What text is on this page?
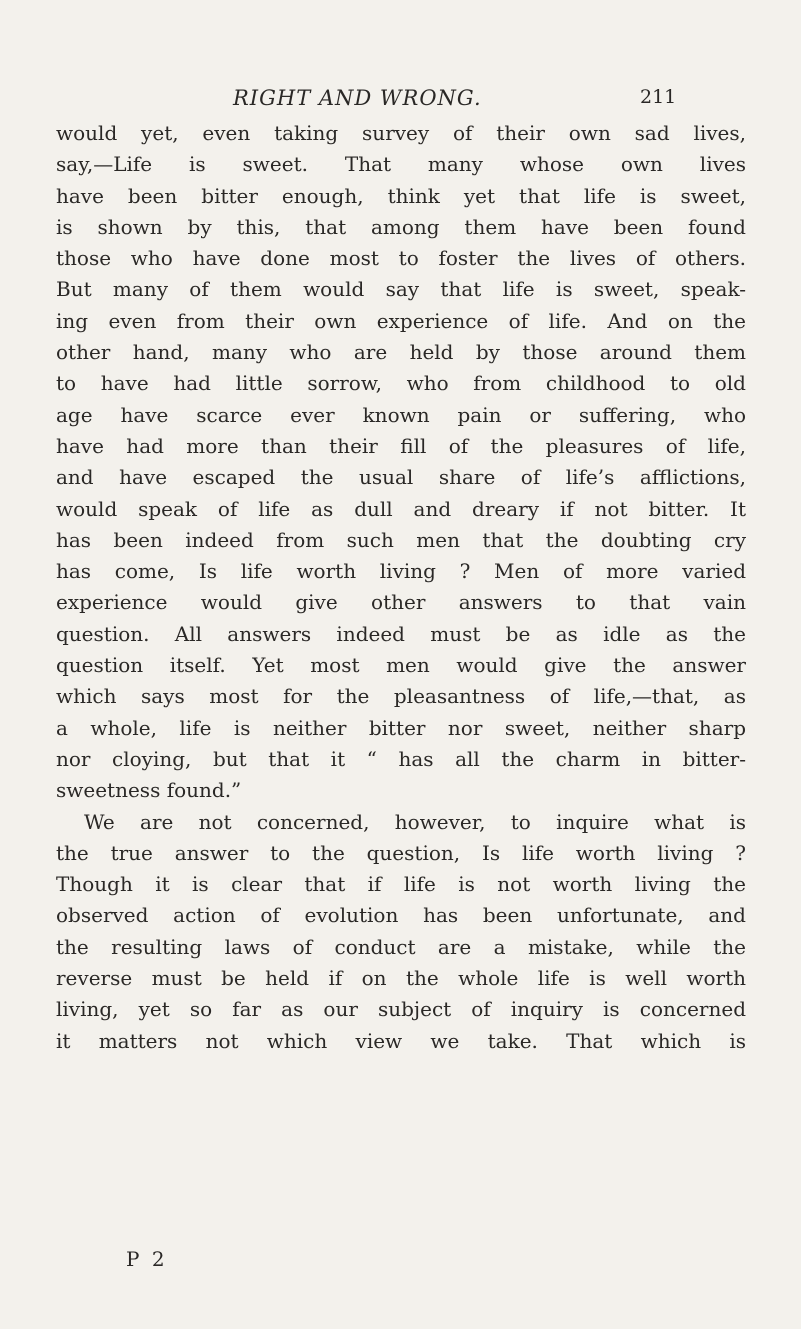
RIGHT AND WRONG.	211
would yet, even taking survey of their own sad lives,
say,—Life is sweet. That many whose own lives
have been bitter enough, think yet that life is sweet,
is shown by this, that among them have been found
those who have done most to foster the lives of others.
But many of them would say that life is sweet, speak-
ing even from their own experience of life. And on the
other hand, many who are held by those around them
to have had little sorrow, who from childhood to old
age have scarce ever known pain or suffering, who
have had more than their fill of the pleasures of life,
and have escaped the usual share of life’s afflictions,
would speak of life as dull and dreary if not bitter. It
has been indeed from such men that the doubting cry
has come, Is life worth living ? Men of more varied
experience would give other answers to that vain
question. All answers indeed must be as idle as the
question itself. Yet most men would give the answer
which says most for the pleasantness of life,—that, as
a whole, life is neither bitter nor sweet, neither sharp
nor cloying, but that it “ has all the charm in bitter-
sweetness found.”
We are not concerned, however, to inquire what is
the true answer to the question, Is life worth living ?
Though it is clear that if life is not worth living the
observed action of evolution has been unfortunate, and
the resulting laws of conduct are a mistake, while the
reverse must be held if on the whole life is well worth
living, yet so far as our subject of inquiry is concerned
it matters not which view we take. That which is
P 2
